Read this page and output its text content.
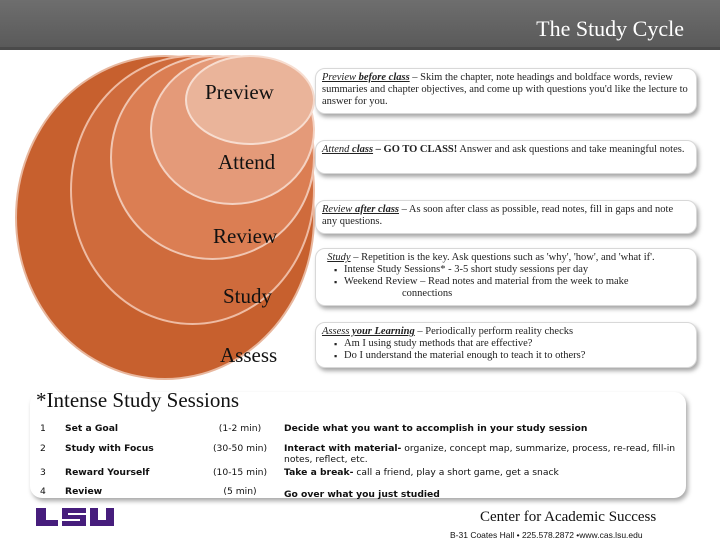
The Study Cycle
Preview
Attend
Review
Study
Assess
Preview before class – Skim the chapter, note headings and boldface words, review summaries and chapter objectives, and come up with questions you'd like the lecture to answer for you.
Attend class – GO TO CLASS! Answer and ask questions and take meaningful notes.
Review after class – As soon after class as possible, read notes, fill in gaps and note any questions.
Study – Repetition is the key. Ask questions such as 'why', 'how', and 'what if'.
▪ Intense Study Sessions* - 3-5 short study sessions per day
▪ Weekend Review – Read notes and material from the week to make
connections
Assess your Learning – Periodically perform reality checks
▪ Am I using study methods that are effective?
▪ Do I understand the material enough to teach it to others?
*Intense Study Sessions
1 Set a Goal	(1-2 min)	Decide what you want to accomplish in your study session
2 Study with Focus	(30-50 min)	Interact with material- organize, concept map, summarize, process, re-read, fill-in notes, reflect, etc.
3 Reward Yourself	(10-15 min)	Take a break- call a friend, play a short game, get a snack
4 Review	(5 min)	Go over what you just studied
Center for Academic Success
B-31 Coates Hall • 225.578.2872 •www.cas.lsu.edu
